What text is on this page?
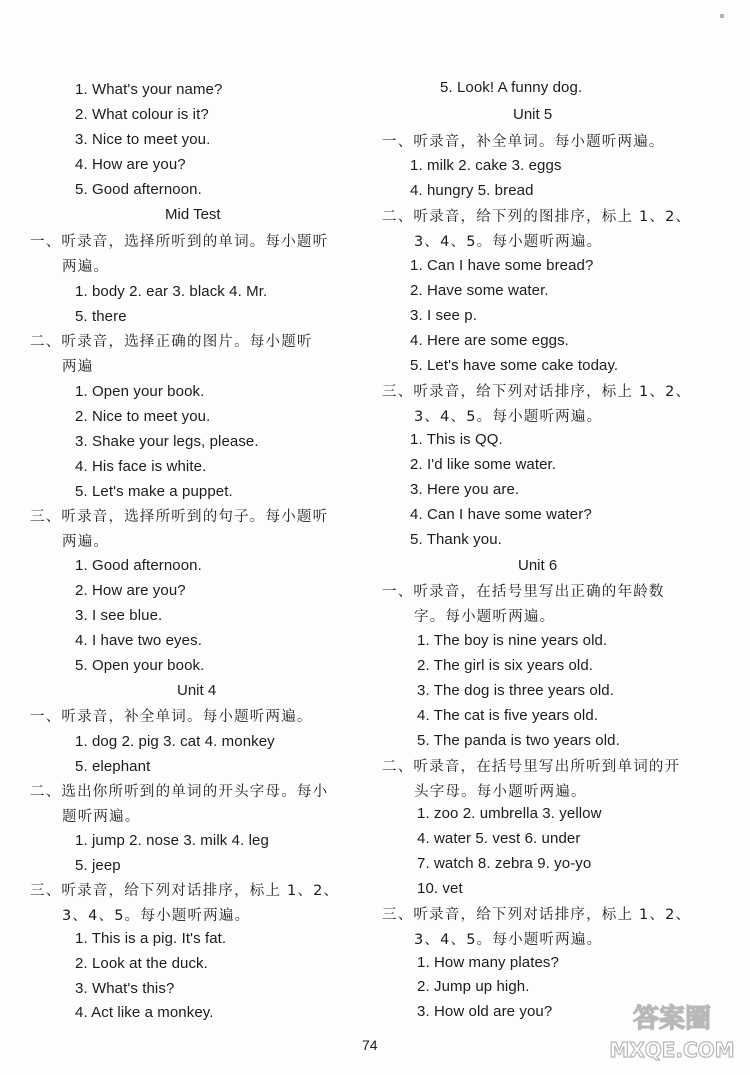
1. What's your name?
2. What colour is it?
3. Nice to meet you.
4. How are you?
5. Good afternoon.
Mid Test
一、听录音，选择所听到的单词。每小题听
两遍。
1. body 2. ear 3. black 4. Mr.
5. there
二、听录音，选择正确的图片。每小题听
两遍
1. Open your book.
2. Nice to meet you.
3. Shake your legs, please.
4. His face is white.
5. Let's make a puppet.
三、听录音，选择所听到的句子。每小题听
两遍。
1. Good afternoon.
2. How are you?
3. I see blue.
4. I have two eyes.
5. Open your book.
Unit 4
一、听录音，补全单词。每小题听两遍。
1. dog 2. pig 3. cat 4. monkey
5. elephant
二、选出你所听到的单词的开头字母。每小
题听两遍。
1. jump 2. nose 3. milk 4. leg
5. jeep
三、听录音，给下列对话排序，标上 1、2、
3、4、5。每小题听两遍。
1. This is a pig. It's fat.
2. Look at the duck.
3. What's this?
4. Act like a monkey.
5. Look! A funny dog.
Unit 5
一、听录音，补全单词。每小题听两遍。
1. milk 2. cake 3. eggs
4. hungry 5. bread
二、听录音，给下列的图排序，标上 1、2、
3、4、5。每小题听两遍。
1. Can I have some bread?
2. Have some water.
3. I see p.
4. Here are some eggs.
5. Let's have some cake today.
三、听录音，给下列对话排序，标上 1、2、
3、4、5。每小题听两遍。
1. This is QQ.
2. I'd like some water.
3. Here you are.
4. Can I have some water?
5. Thank you.
Unit 6
一、听录音，在括号里写出正确的年龄数
字。每小题听两遍。
1. The boy is nine years old.
2. The girl is six years old.
3. The dog is three years old.
4. The cat is five years old.
5. The panda is two years old.
二、听录音，在括号里写出所听到单词的开
头字母。每小题听两遍。
1. zoo 2. umbrella 3. yellow
4. water 5. vest 6. under
7. watch 8. zebra 9. yo-yo
10. vet
三、听录音，给下列对话排序，标上 1、2、
3、4、5。每小题听两遍。
1. How many plates?
2. Jump up high.
3. How old are you?
74
答案圈
MXQE.COM
